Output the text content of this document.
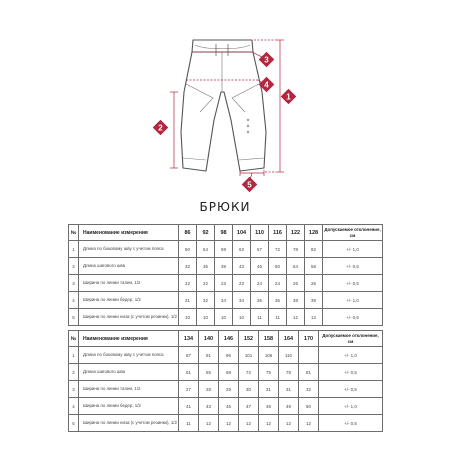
1
2
3
4
5
БРЮКИ
№	Наименование измерения	86	92	98	104	110	116	122	128	Допускаемое отклонение, см
1	Длина по боковому шву с учетом пояса	50	54	59	63	67	72	78	82	+/- 1,0
2	Длина шагового шва	32	36	39	43	46	50	54	58	+/- 0,5
3	Ширина по линии талии, 1/2	22	22	23	23	24	24	26	26	+/- 0,5
4	Ширина по линии бедер, 1/2	31	32	34	34	36	36	38	39	+/- 1,0
5	Ширина по линии низа (с учетом резинки), 1/2	10	10	10	10	11	11	12	12	+/- 0,5
№	Наименование измерения	134	140	146	152	158	164	170	Допускаемое отклонение, см
1	Длина по боковому шву с учетом пояса	87	91	96	101	106	110		+/- 1,0
2	Длина шагового шва	61	65	68	72	75	78	81	+/- 0,5
3	Ширина по линии талии, 1/2	27	28	29	30	31	31	32	+/- 0,5
4	Ширина по линии бедер, 1/2	41	43	45	47	48	49	50	+/- 1,0
5	Ширина по линии низа (с учетом резинки), 1/2	11	12	12	12	12	12	12	+/- 0,5
